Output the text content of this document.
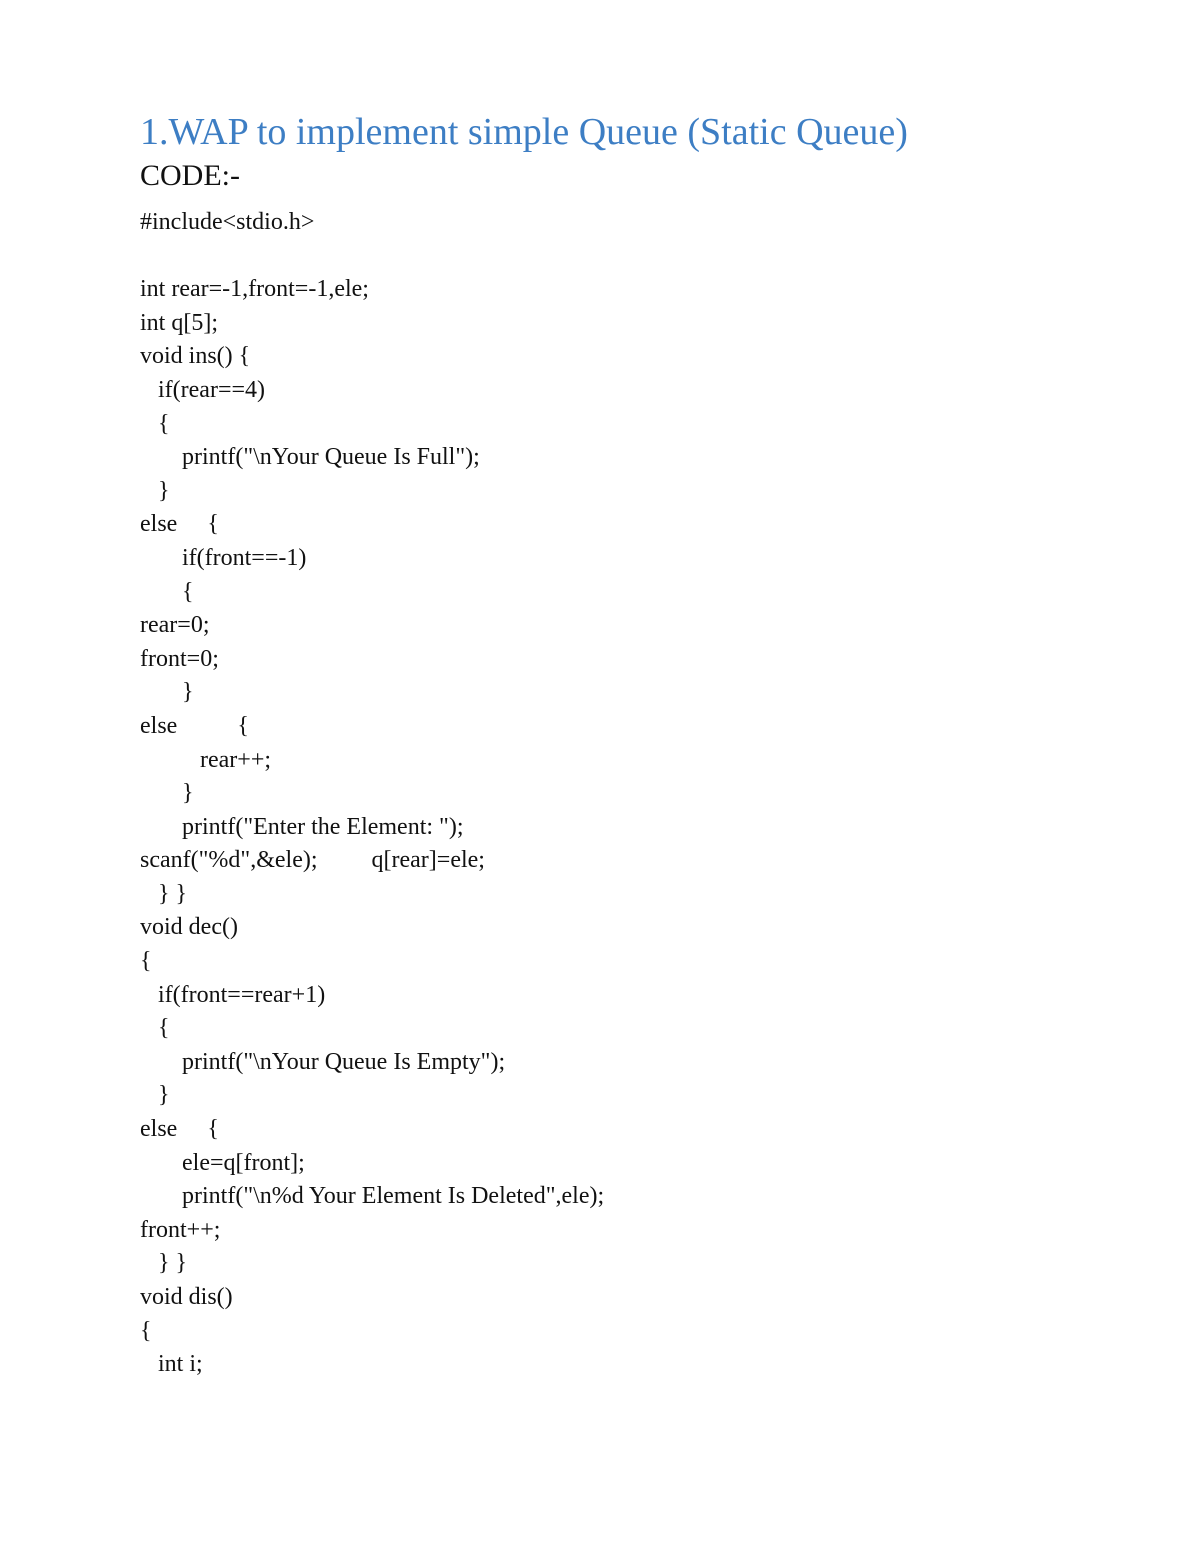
1.WAP to implement simple Queue (Static Queue)
CODE:-
#include<stdio.h>
int rear=-1,front=-1,ele;
int q[5];
void ins() {
if(rear==4)
{
printf("\nYour Queue Is Full");
}
else     {
if(front==-1)
{
rear=0;
front=0;
}
else          {
rear++;
}
printf("Enter the Element: ");
scanf("%d",&ele);         q[rear]=ele;
} }
void dec()
{
if(front==rear+1)
{
printf("\nYour Queue Is Empty");
}
else     {
ele=q[front];
printf("\n%d Your Element Is Deleted",ele);
front++;
} }
void dis()
{
int i;
